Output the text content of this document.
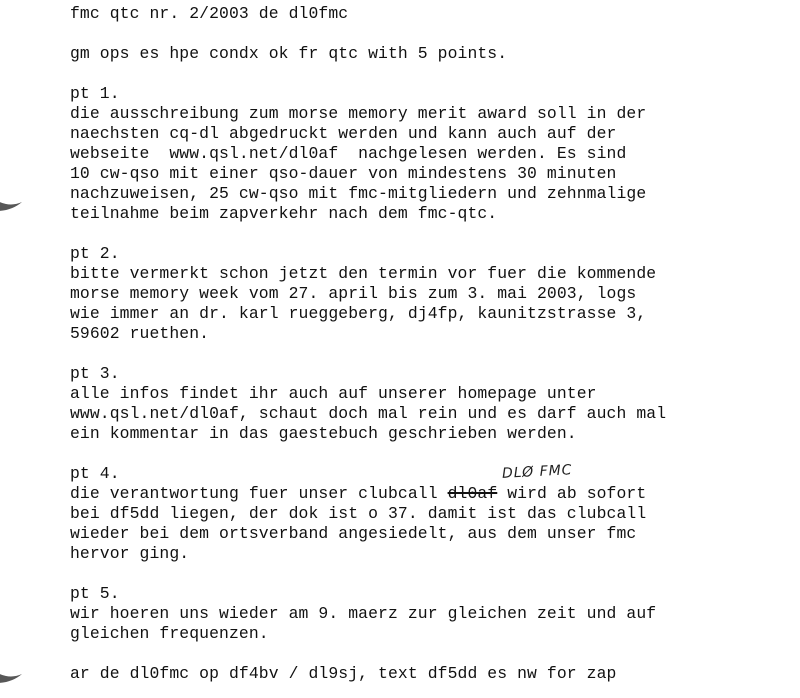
fmc qtc nr. 2/2003 de dl0fmc
gm ops es hpe condx ok fr qtc with 5 points.
pt 1.
die ausschreibung zum morse memory merit award soll in der
naechsten cq-dl abgedruckt werden und kann auch auf der
webseite  www.qsl.net/dl0af  nachgelesen werden. Es sind
10 cw-qso mit einer qso-dauer von mindestens 30 minuten
nachzuweisen, 25 cw-qso mit fmc-mitgliedern und zehnmalige
teilnahme beim zapverkehr nach dem fmc-qtc.
pt 2.
bitte vermerkt schon jetzt den termin vor fuer die kommende
morse memory week vom 27. april bis zum 3. mai 2003, logs
wie immer an dr. karl rueggeberg, dj4fp, kaunitzstrasse 3,
59602 ruethen.
pt 3.
alle infos findet ihr auch auf unserer homepage unter
www.qsl.net/dl0af, schaut doch mal rein und es darf auch mal
ein kommentar in das gaestebuch geschrieben werden.
pt 4.	DLØ FMC
die verantwortung fuer unser clubcall dl0af wird ab sofort
bei df5dd liegen, der dok ist o 37. damit ist das clubcall
wieder bei dem ortsverband angesiedelt, aus dem unser fmc
hervor ging.
pt 5.
wir hoeren uns wieder am 9. maerz zur gleichen zeit und auf
gleichen frequenzen.
ar de dl0fmc op df4bv / dl9sj, text df5dd es nw for zap
